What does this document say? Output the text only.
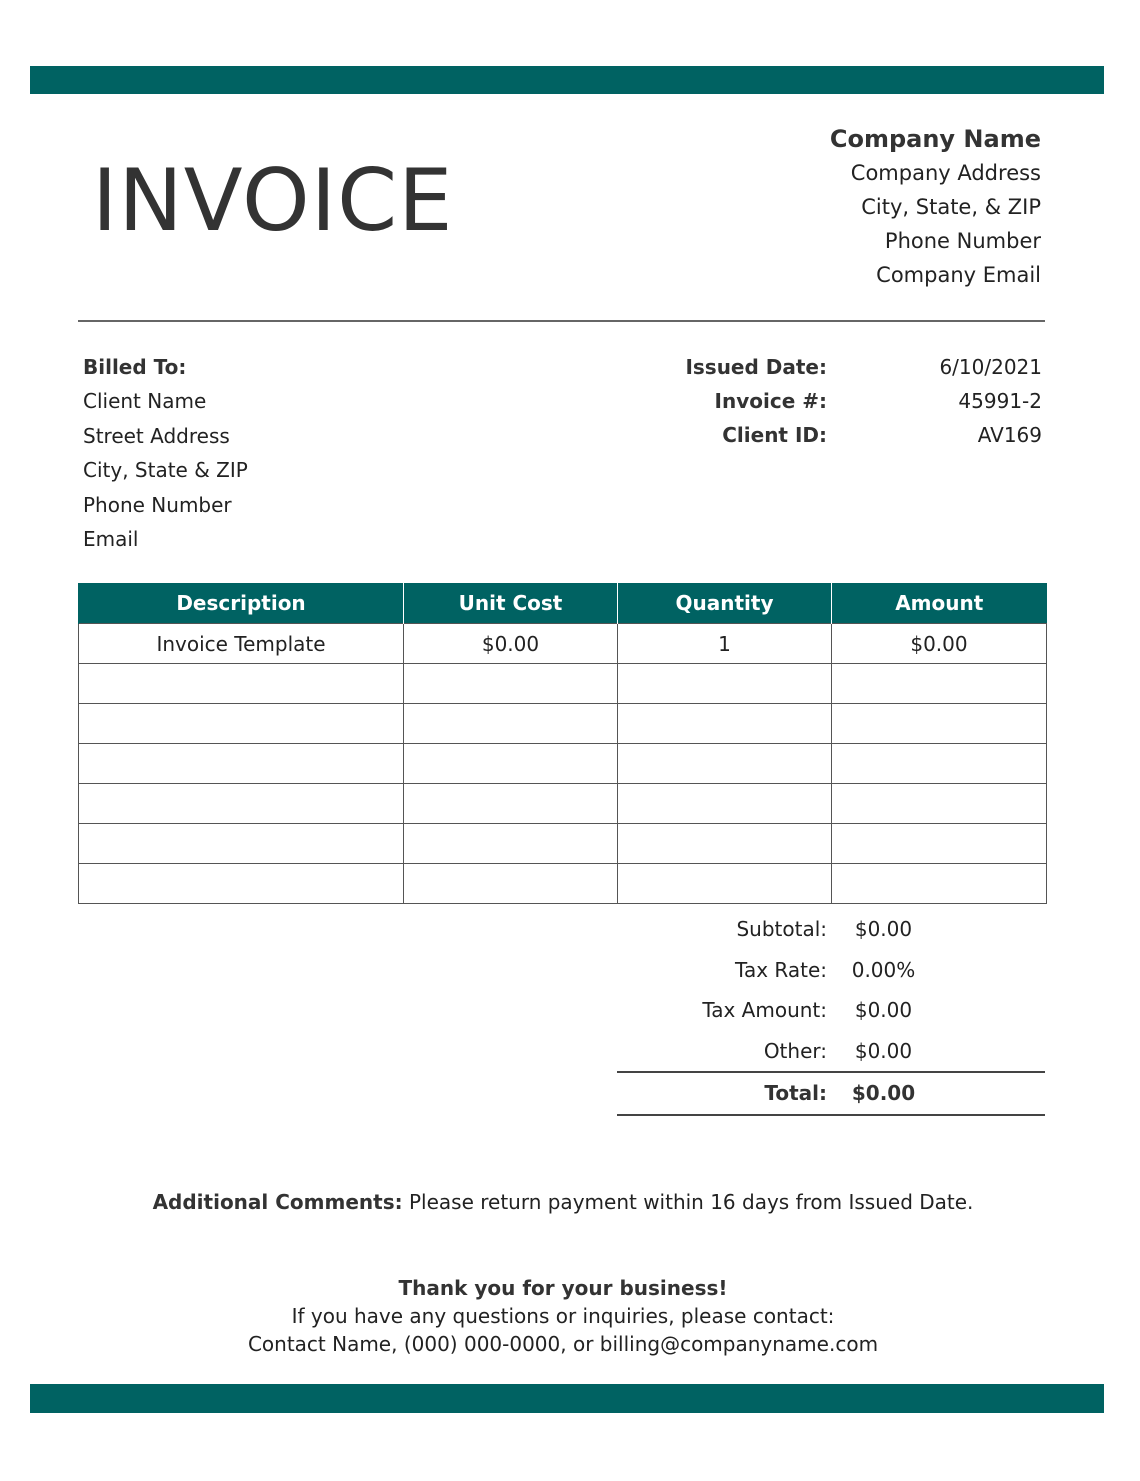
INVOICE
Company Name
Company Address
City, State, & ZIP
Phone Number
Company Email
Billed To:
Client Name
Street Address
City, State & ZIP
Phone Number
Email
Issued Date:	6/10/2021
Invoice #:	45991-2
Client ID:	AV169
Description	Unit Cost	Quantity	Amount
Invoice Template	$0.00	1	$0.00

Subtotal:	$0.00
Tax Rate:	0.00%
Tax Amount:	$0.00
Other:	$0.00
Total:	$0.00
Additional Comments: Please return payment within 16 days from Issued Date.
Thank you for your business!
If you have any questions or inquiries, please contact:
Contact Name, (000) 000-0000, or billing@companyname.com
